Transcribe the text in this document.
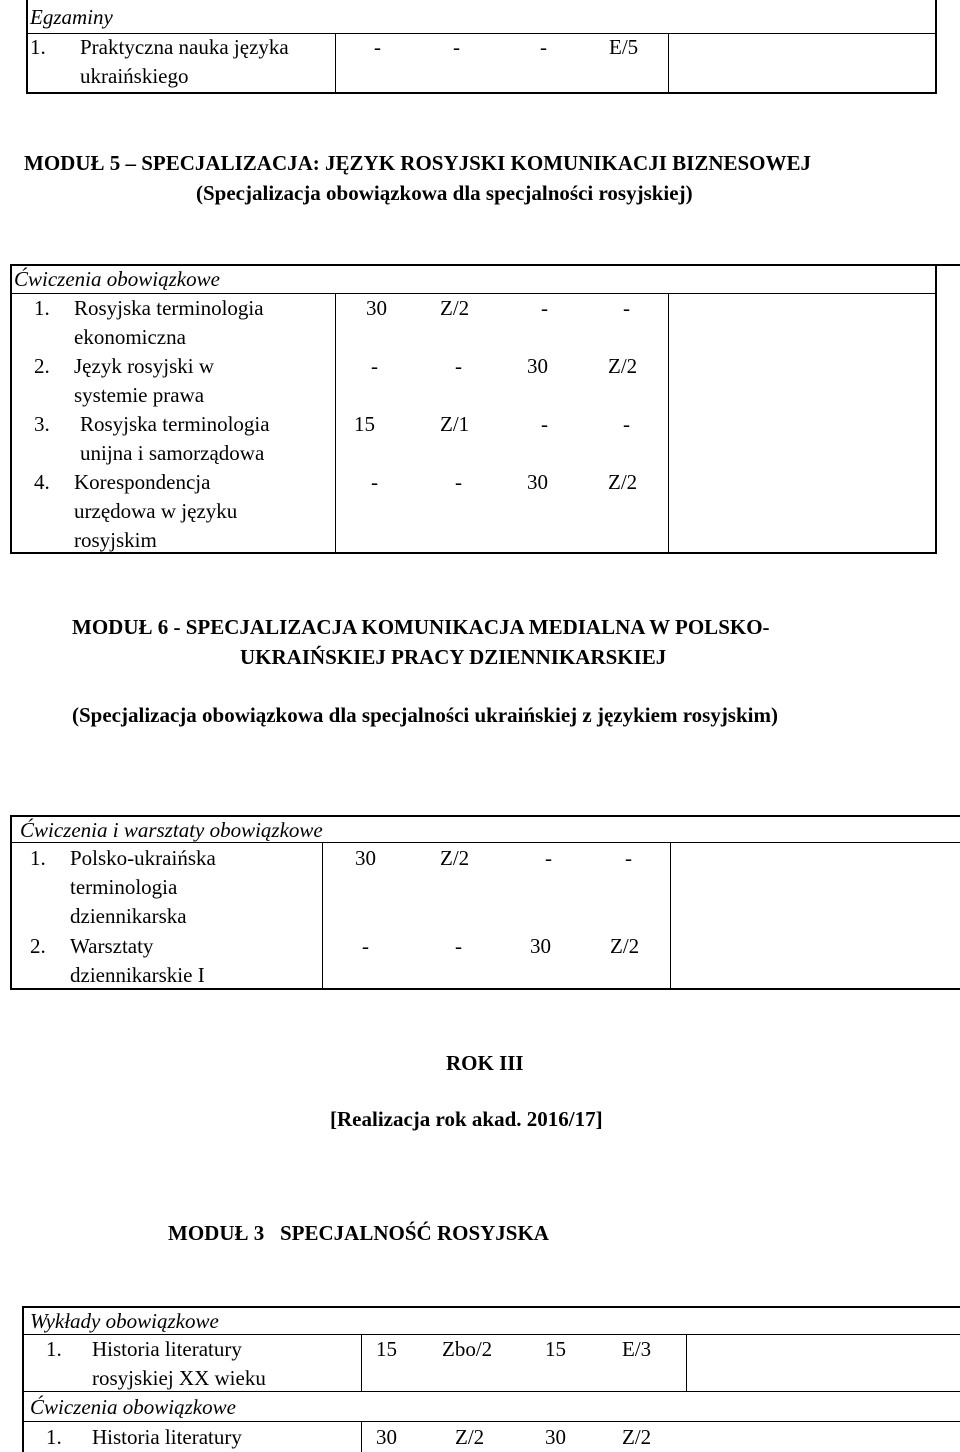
Egzaminy
1. Praktyczna nauka języka
ukraińskiego
-	-	-	E/5
MODUŁ 5 – SPECJALIZACJA: JĘZYK ROSYJSKI KOMUNIKACJI BIZNESOWEJ
(Specjalizacja obowiązkowa dla specjalności rosyjskiej)
Ćwiczenia obowiązkowe
1. Rosyjska terminologia
ekonomiczna
30	Z/2	-	-
2. Język rosyjski w
systemie prawa
-	-	30	Z/2
3. Rosyjska terminologia
unijna i samorządowa
15	Z/1	-	-
4. Korespondencja
urzędowa w języku
rosyjskim
-	-	30	Z/2
MODUŁ 6 - SPECJALIZACJA KOMUNIKACJA MEDIALNA W POLSKO-
UKRAIŃSKIEJ PRACY DZIENNIKARSKIEJ
(Specjalizacja obowiązkowa dla specjalności ukraińskiej z językiem rosyjskim)
Ćwiczenia i warsztaty obowiązkowe
1. Polsko-ukraińska
terminologia
dziennikarska
30	Z/2	-	-
2. Warsztaty
dziennikarskie I
-	-	30	Z/2
ROK III
[Realizacja rok akad. 2016/17]
MODUŁ 3   SPECJALNOŚĆ ROSYJSKA
Wykłady obowiązkowe
1. Historia literatury
rosyjskiej XX wieku
15 Zbo/2	15	E/3
Ćwiczenia obowiązkowe
1. Historia literatury	30	Z/2	30	Z/2
